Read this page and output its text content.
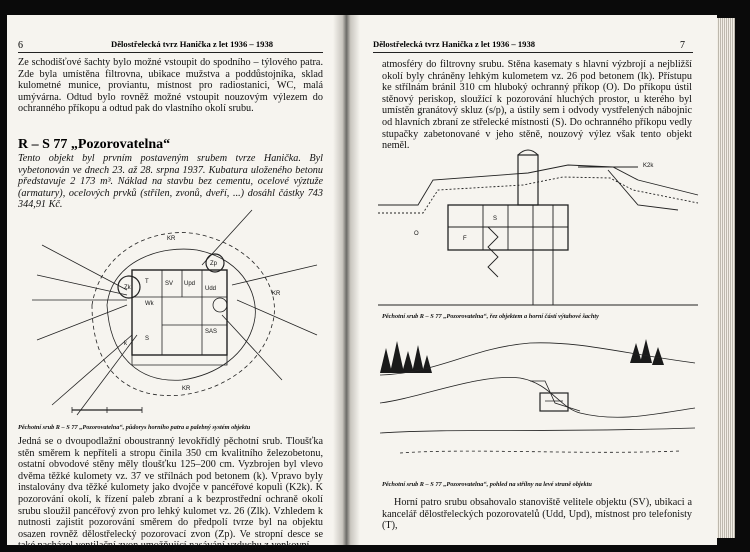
Dělostřelecká tvrz Hanička z let 1936 – 1938
6
Ze schodišťové šachty bylo možné vstoupit do spodního – týlového patra. Zde byla umístěna filtrovna, ubikace mužstva a poddůstojníka, sklad kulometné munice, proviantu, místnost pro radiostanici, WC, malá umývárna. Odtud bylo rovněž možné vstoupit nouzovým výlezem do ochranného příkopu a odtud pak do vlastního okolí srubu.
R – S 77 „Pozorovatelna“
Tento objekt byl prvním postaveným srubem tvrze Hanička. Byl vybetonován ve dnech 23. až 28. srpna 1937. Kubatura uloženého betonu představuje 2 173 m³. Náklad na stavbu bez cementu, ocelové výztuže (armatury), ocelových prvků (střílen, zvonů, dveří, ...) dosáhl částky 743 344,91 Kč.
KR
KR
KR
Zk
T	SV Upd
Udd
Wk
Zp
S
SAS
k
Pěchotní srub R – S 77 „Pozorovatelna“, půdorys horního patra a palebný systém objektu
Jedná se o dvoupodlažní oboustranný levokřídlý pěchotní srub. Tloušťka stěn směrem k nepříteli a stropu činila 350 cm kvalitního železobetonu, ostatní obvodové stěny měly tloušťku 125–200 cm. Vyzbrojen byl vlevo dvěma těžké kulomety vz. 37 ve střílnách pod betonem (k). Vpravo byly instalovány dva těžké kulomety jako dvojče v pancéřové kopuli (K2k). K pozorování okolí, k řízení paleb zbraní a k bezprostřední ochraně okolí srubu sloužil pancéřový zvon pro lehký kulomet vz. 26 (Zlk). Vzhledem k nutnosti zajistit pozorování směrem do předpolí tvrze byl na objektu osazen rovněž dělostřelecký pozorovací zvon (Zp). Ve stropní desce se také nacházel ventilační zvon umožňující nasávání vzduchu z venkovní
Dělostřelecká tvrz Hanička z let 1936 – 1938	7
atmosféry do filtrovny srubu. Stěna kasematy s hlavní výzbrojí a nejbližší okolí byly chráněny lehkým kulometem vz. 26 pod betonem (lk). Přístupu ke střílnám bránil 310 cm hluboký ochranný příkop (O). Do příkopu ústil stěnový periskop, sloužící k pozorování hluchých prostor, u kterého byl umístěn granátový skluz (s/p), a ústily sem i odvody vystřelených nábojnic od hlavních zbraní ze střelecké místnosti (S). Do ochranného příkopu vedly stupačky zabetonované v jeho stěně, nouzový výlez však tento objekt neměl.
K2k
O
F
S
Pěchotní srub R – S 77 „Pozorovatelna“, řez objektem a horní částí výtahové šachty
Pěchotní srub R – S 77 „Pozorovatelna“, pohled na střílny na levé straně objektu
Horní patro srubu obsahovalo stanoviště velitele objektu (SV), ubikaci a kancelář dělostřeleckých pozorovatelů (Udd, Upd), místnost pro telefonisty (T),
